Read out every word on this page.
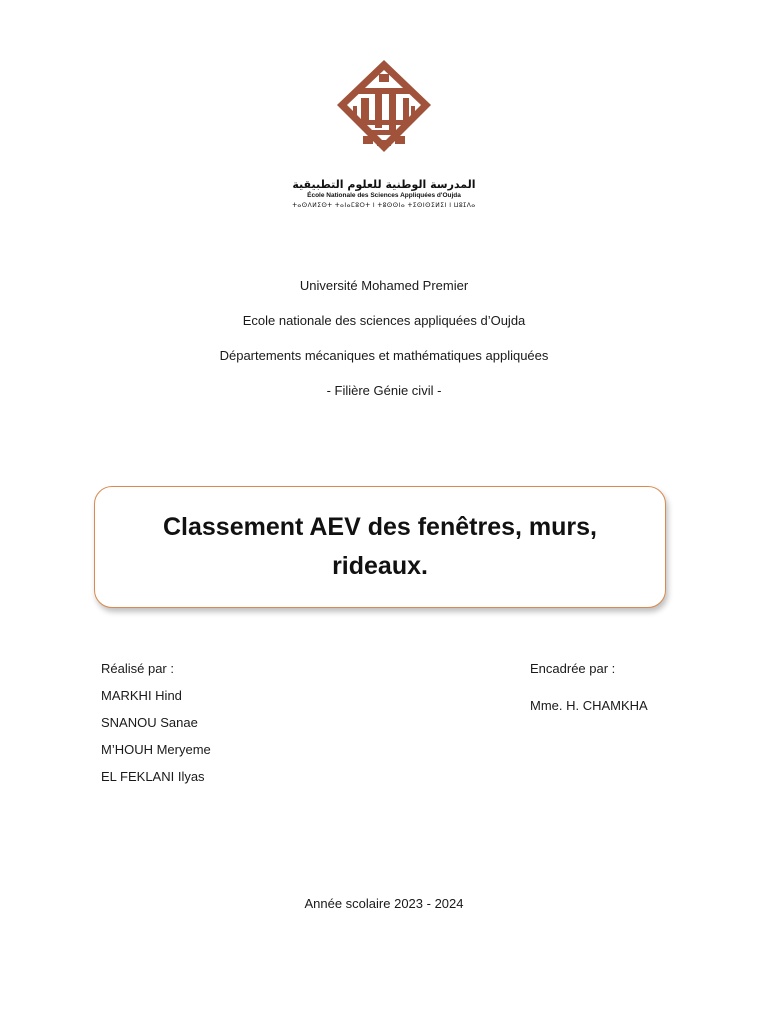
المدرسة الوطنية للعلوم التطبيقية
École Nationale des Sciences Appliquées d'Oujda
ⵜⴰⵙⴷⵍⵉⵙⵜ ⵜⴰⵏⴰⵎⵓⵔⵜ ⵏ ⵜⵓⵙⵙⵏⴰ ⵜⵉⵙⵏⵙⵉⵍⵉⵏ ⵏ ⵡⵓⵊⴷⴰ
Université Mohamed Premier
Ecole nationale des sciences appliquées d’Oujda
Départements mécaniques et mathématiques appliquées
- Filière Génie civil -
Classement AEV des fenêtres, murs,
rideaux.
Réalisé par :
MARKHI Hind
SNANOU Sanae
M’HOUH Meryeme
EL FEKLANI Ilyas
Encadrée par :
Mme. H. CHAMKHA
Année scolaire 2023 - 2024
